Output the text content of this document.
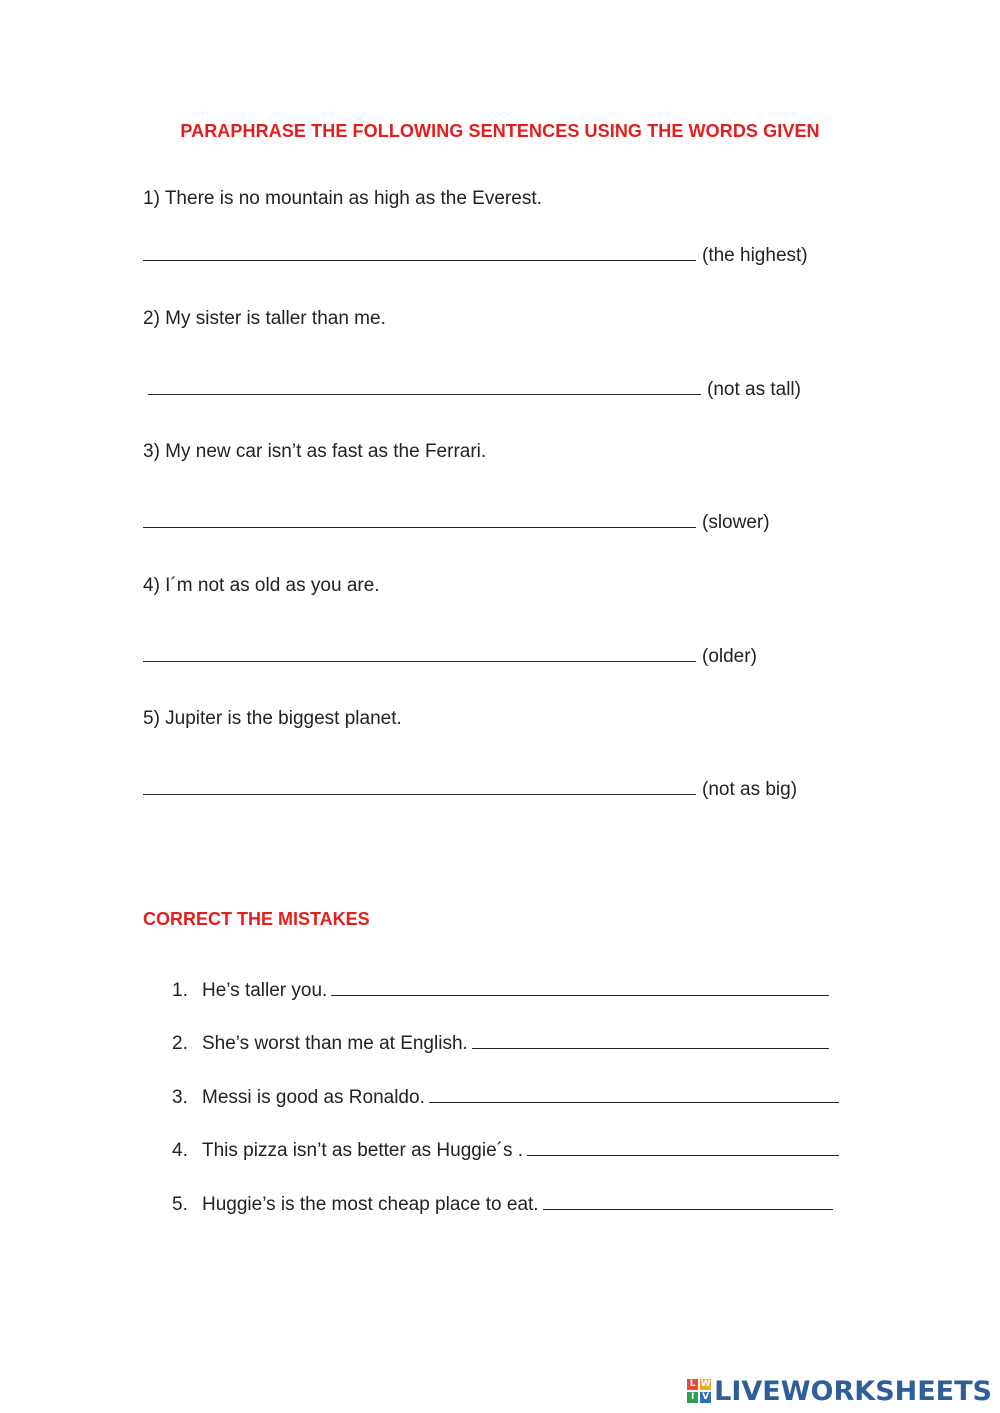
PARAPHRASE THE FOLLOWING SENTENCES USING THE WORDS GIVEN
1) There is no mountain as high as the Everest.
(the highest)
2) My sister is taller than me.
(not as tall)
3) My new car isn’t as fast as the Ferrari.
(slower)
4) I´m not as old as you are.
(older)
5) Jupiter is the biggest planet.
(not as big)
CORRECT THE MISTAKES
1. He’s taller you.
2. She’s worst than me at English.
3. Messi is good as Ronaldo.
4. This pizza isn’t as better as Huggie´s .
5. Huggie’s is the most cheap place to eat.
L W
I V LIVEWORKSHEETS
